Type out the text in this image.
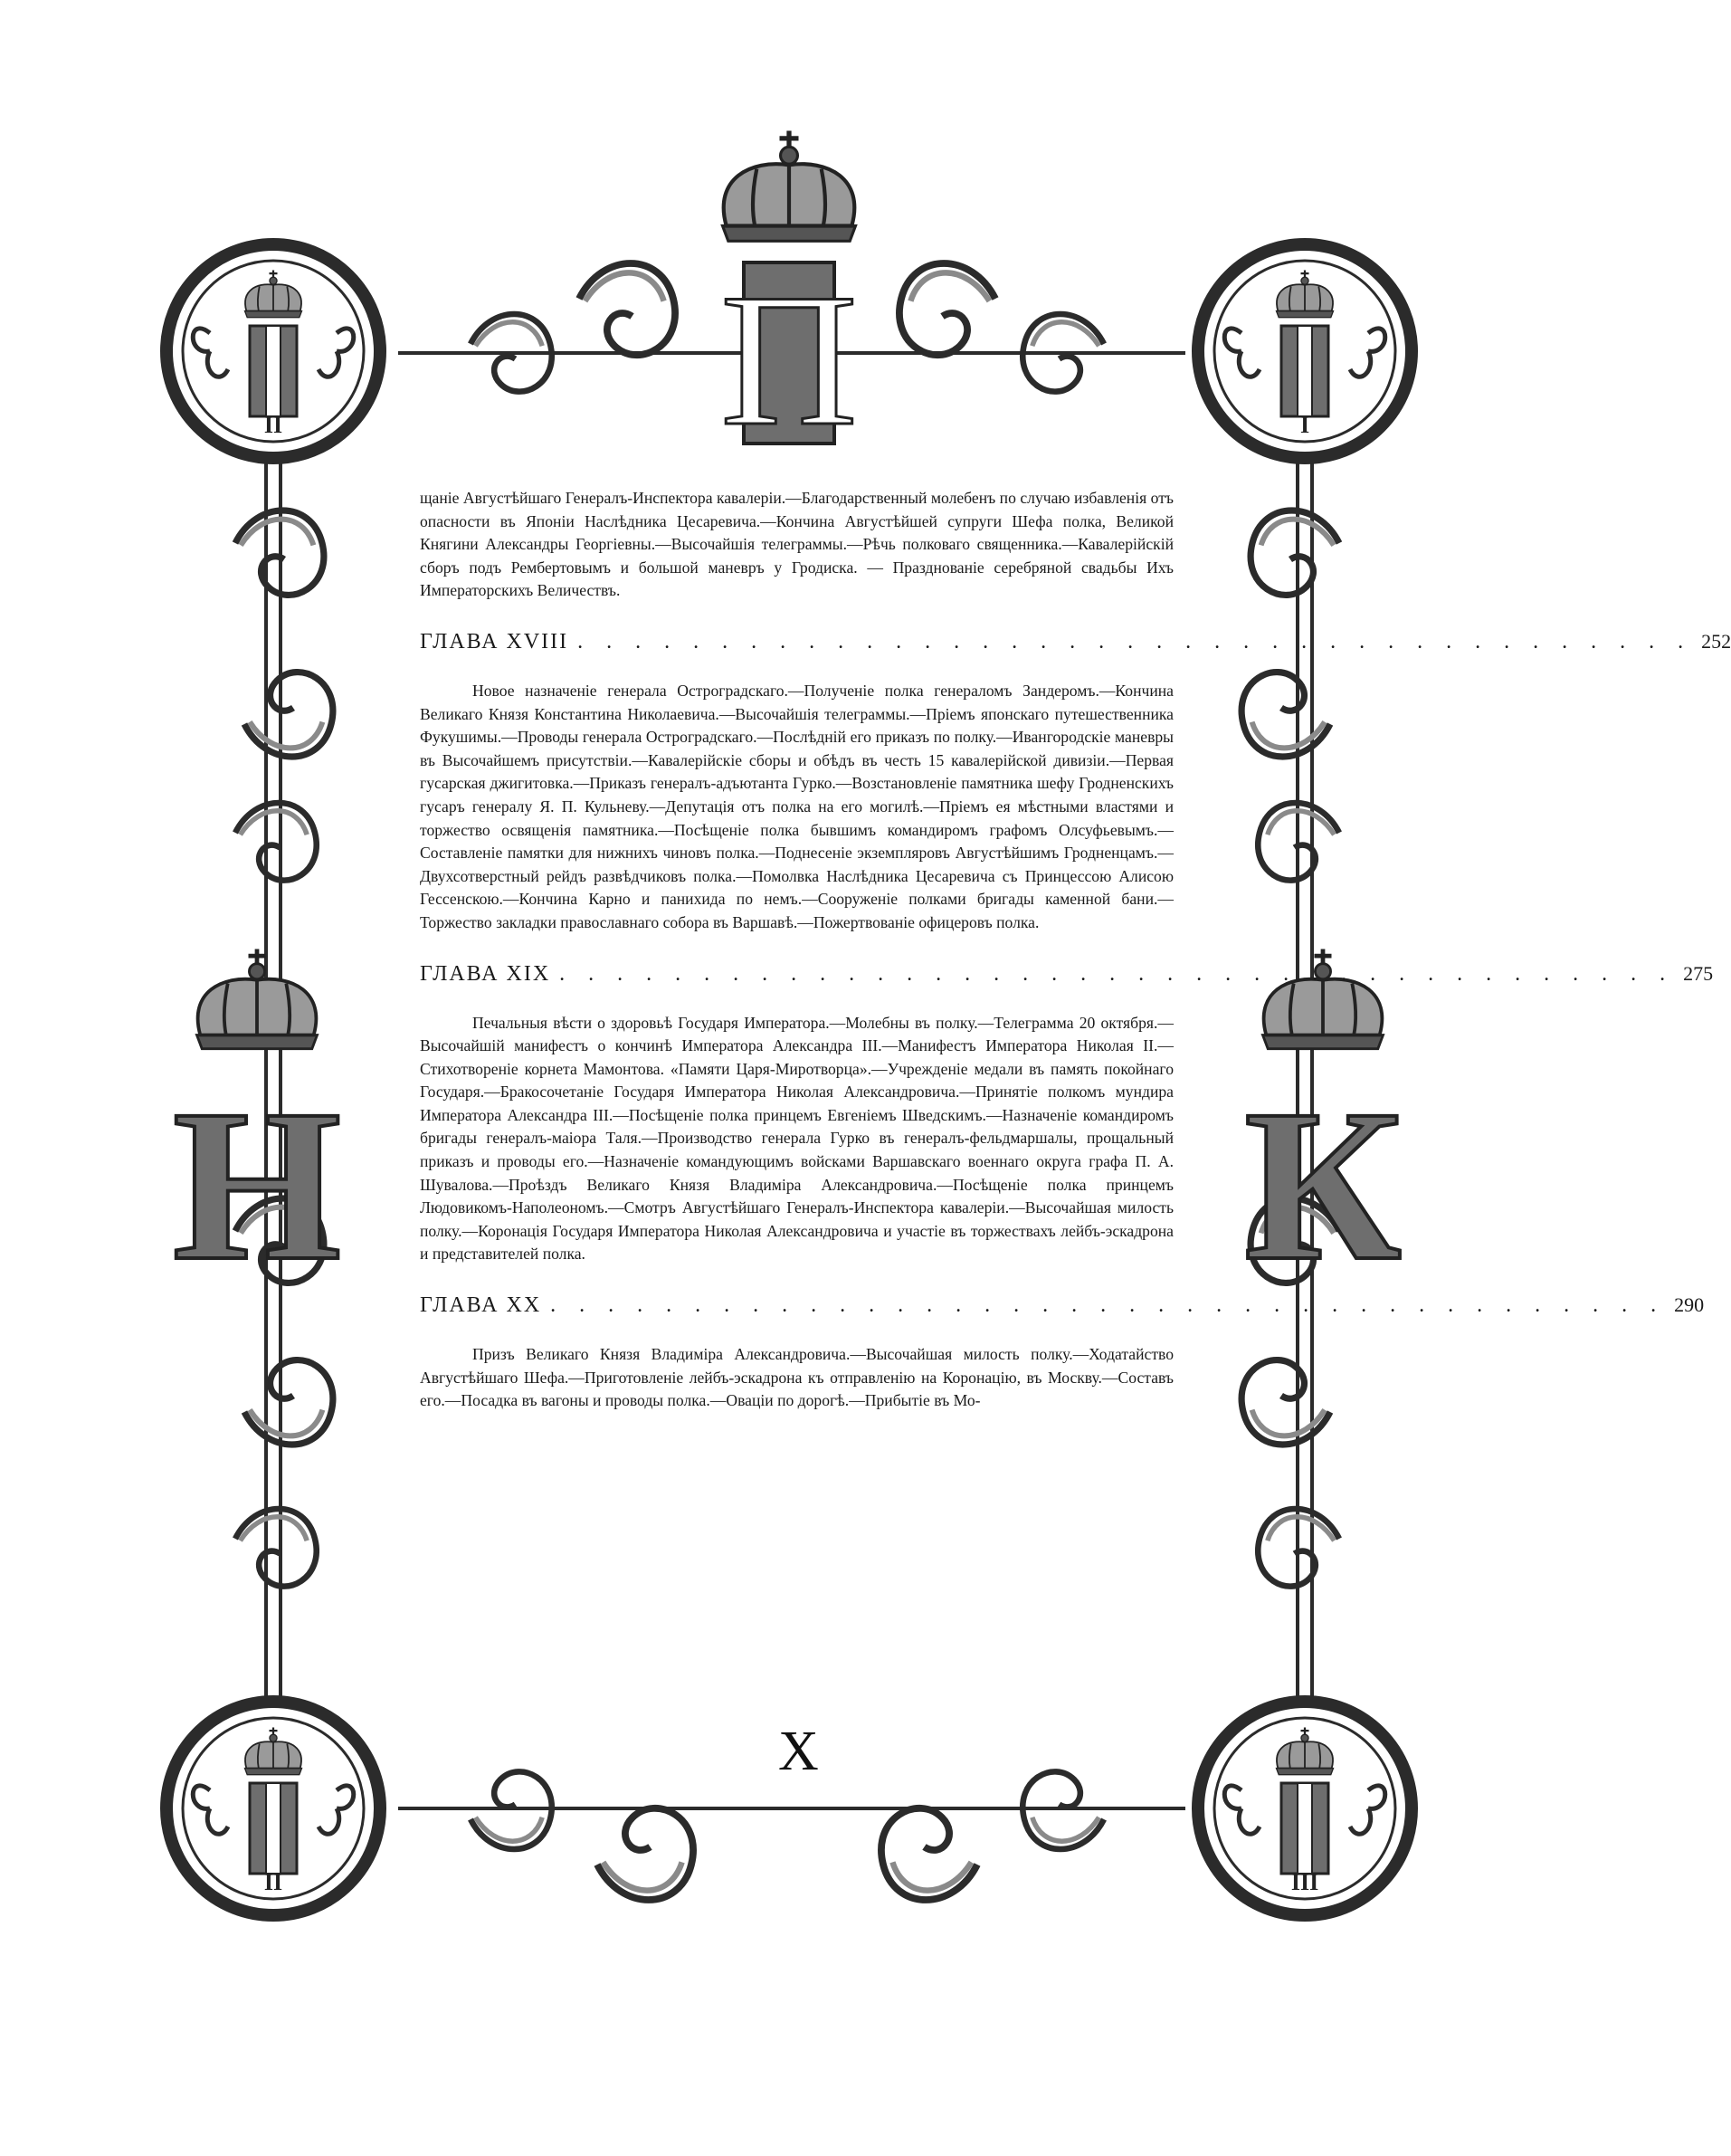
П
Н	К
II	I
II	III

щаніе Августѣйшаго Генералъ-Инспектора кавалеріи.—Благодарственный молебенъ по случаю избавленія отъ опасности въ Японіи Наслѣдника Цесаревича.—Кончина Августѣйшей супруги Шефа полка, Великой Княгини Александры Георгіевны.—Высочайшія телеграммы.—Рѣчь полковаго священника.—Кавалерійскій сборъ подъ Рембертовымъ и большой маневръ у Гродиска. — Празднованіе серебряной свадьбы Ихъ Императорскихъ Величествъ.

ГЛАВА XVIII . . . . . . . . . . . . . . . . . . . . . . . . . . . . . . . . . . . . . . . 252

Новое назначеніе генерала Остроградскаго.—Полученіе полка генераломъ Зандеромъ.—Кончина Великаго Князя Константина Николаевича.—Высочайшія телеграммы.—Пріемъ японскаго путешественника Фукушимы.—Проводы генерала Остроградскаго.—Послѣдній его приказъ по полку.—Ивангородскіе маневры въ Высочайшемъ присутствіи.—Кавалерійскіе сборы и обѣдъ въ честь 15 кавалерійской дивизіи.—Первая гусарская джигитовка.—Приказъ генералъ-адъютанта Гурко.—Возстановленіе памятника шефу Гродненскихъ гусаръ генералу Я. П. Кульневу.—Депутація отъ полка на его могилѣ.—Пріемъ ея мѣстными властями и торжество освященія памятника.—Посѣщеніе полка бывшимъ командиромъ графомъ Олсуфьевымъ.—Составленіе памятки для нижнихъ чиновъ полка.—Поднесеніе экземпляровъ Августѣйшимъ Гродненцамъ.—Двухсотверстный рейдъ развѣдчиковъ полка.—Помолвка Наслѣдника Цесаревича съ Принцессою Алисою Гессенскою.—Кончина Карно и панихида по немъ.—Сооруженіе полками бригады каменной бани.—Торжество закладки православнаго собора въ Варшавѣ.—Пожертвованіе офицеровъ полка.

ГЛАВА XIX . . . . . . . . . . . . . . . . . . . . . . . . . . . . . . . . . . . . . . . 275

Печальныя вѣсти о здоровьѣ Государя Императора.—Молебны въ полку.—Телеграмма 20 октября.—Высочайшій манифестъ о кончинѣ Императора Александра III.—Манифестъ Императора Николая II.—Стихотвореніе корнета Мамонтова. «Памяти Царя-Миротворца».—Учрежденіе медали въ память покойнаго Государя.—Бракосочетаніе Государя Императора Николая Александровича.—Принятіе полкомъ мундира Императора Александра III.—Посѣщеніе полка принцемъ Евгеніемъ Шведскимъ.—Назначеніе командиромъ бригады генералъ-маіора Таля.—Производство генерала Гурко въ генералъ-фельдмаршалы, прощальный приказъ и проводы его.—Назначеніе командующимъ войсками Варшавскаго военнаго округа графа П. А. Шувалова.—Проѣздъ Великаго Князя Владиміра Александровича.—Посѣщеніе полка принцемъ Людовикомъ-Наполеономъ.—Смотръ Августѣйшаго Генералъ-Инспектора кавалеріи.—Высочайшая милость полку.—Коронація Государя Императора Николая Александровича и участіе въ торжествахъ лейбъ-эскадрона и представителей полка.

ГЛАВА XX . . . . . . . . . . . . . . . . . . . . . . . . . . . . . . . . . . . . . . . 290

Призъ Великаго Князя Владиміра Александровича.—Высочайшая милость полку.—Ходатайство Августѣйшаго Шефа.—Приготовленіе лейбъ-эскадрона къ отправленію на Коронацію, въ Москву.—Составъ его.—Посадка въ вагоны и проводы полка.—Оваціи по дорогѣ.—Прибытіе въ Мо-

X
